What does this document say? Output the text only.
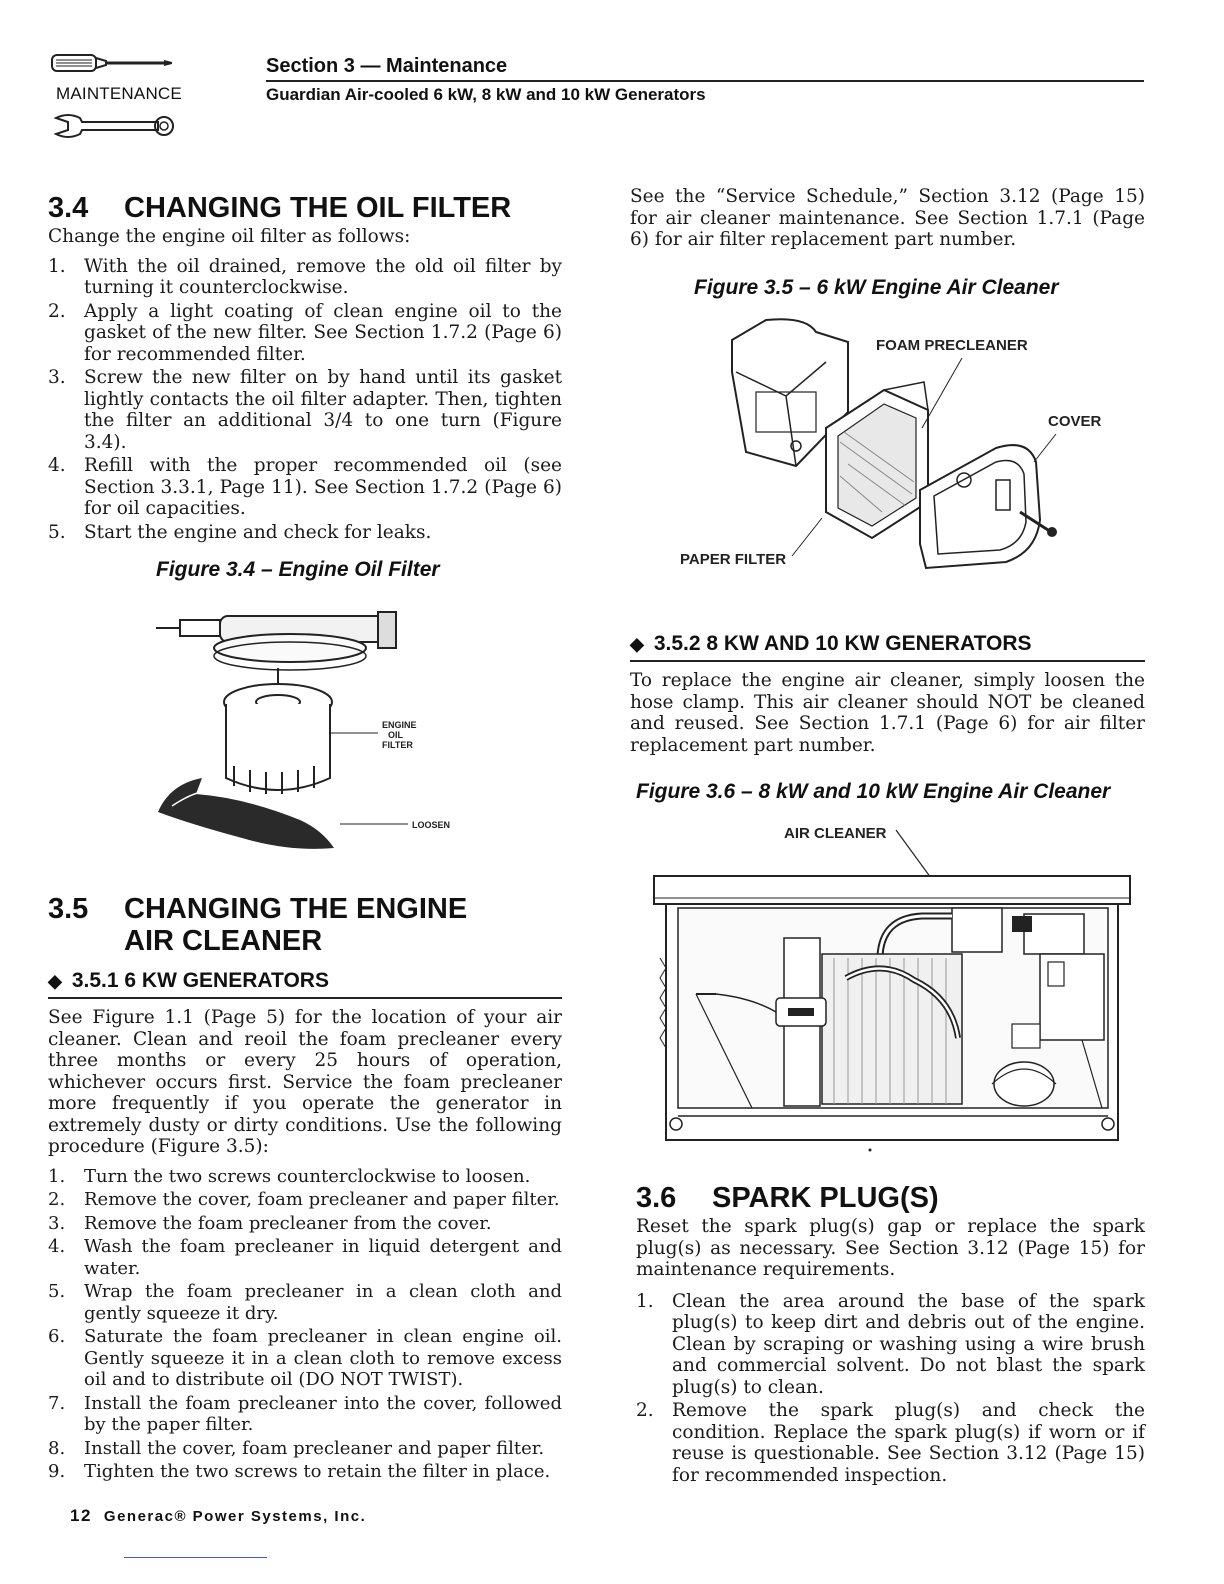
MAINTENANCE
Section 3 — Maintenance
Guardian Air-cooled 6 kW, 8 kW and 10 kW Generators
3.4	CHANGING THE OIL FILTER
Change the engine oil filter as follows:
1. With the oil drained, remove the old oil filter by turning it counterclockwise.
2. Apply a light coating of clean engine oil to the gasket of the new filter. See Section 1.7.2 (Page 6) for recommended filter.
3. Screw the new filter on by hand until its gasket lightly contacts the oil filter adapter. Then, tighten the filter an additional 3/4 to one turn (Figure 3.4).
4. Refill with the proper recommended oil (see Section 3.3.1, Page 11). See Section 1.7.2 (Page 6) for oil capacities.
5. Start the engine and check for leaks.
Figure 3.4 – Engine Oil Filter
ENGINE
OIL
FILTER
LOOSEN
3.5	CHANGING THE ENGINE
AIR CLEANER
◆ 3.5.1 6 KW GENERATORS
See Figure 1.1 (Page 5) for the location of your air cleaner. Clean and reoil the foam precleaner every three months or every 25 hours of operation, whichever occurs first. Service the foam precleaner more frequently if you operate the generator in extremely dusty or dirty conditions. Use the following procedure (Figure 3.5):
1.	Turn the two screws counterclockwise to loosen.
2.	Remove the cover, foam precleaner and paper filter.
3.	Remove the foam precleaner from the cover.
4.	Wash the foam precleaner in liquid detergent and water.
5.	Wrap the foam precleaner in a clean cloth and gently squeeze it dry.
6.	Saturate the foam precleaner in clean engine oil. Gently squeeze it in a clean cloth to remove excess oil and to distribute oil (DO NOT TWIST).
7.	Install the foam precleaner into the cover, followed by the paper filter.
8.	Install the cover, foam precleaner and paper filter.
9.	Tighten the two screws to retain the filter in place.
See the “Service Schedule,” Section 3.12 (Page 15) for air cleaner maintenance. See Section 1.7.1 (Page 6) for air filter replacement part number.
Figure 3.5 – 6 kW Engine Air Cleaner
FOAM PRECLEANER
COVER
PAPER FILTER
◆ 3.5.2 8 KW AND 10 KW GENERATORS
To replace the engine air cleaner, simply loosen the hose clamp. This air cleaner should NOT be cleaned and reused. See Section 1.7.1 (Page 6) for air filter replacement part number.
Figure 3.6 – 8 kW and 10 kW Engine Air Cleaner
AIR CLEANER
3.6	SPARK PLUG(S)
Reset the spark plug(s) gap or replace the spark plug(s) as necessary. See Section 3.12 (Page 15) for maintenance requirements.
1. Clean the area around the base of the spark plug(s) to keep dirt and debris out of the engine. Clean by scraping or washing using a wire brush and commercial solvent. Do not blast the spark plug(s) to clean.
2. Remove the spark plug(s) and check the condition. Replace the spark plug(s) if worn or if reuse is questionable. See Section 3.12 (Page 15) for recommended inspection.
12 Generac® Power Systems, Inc.
